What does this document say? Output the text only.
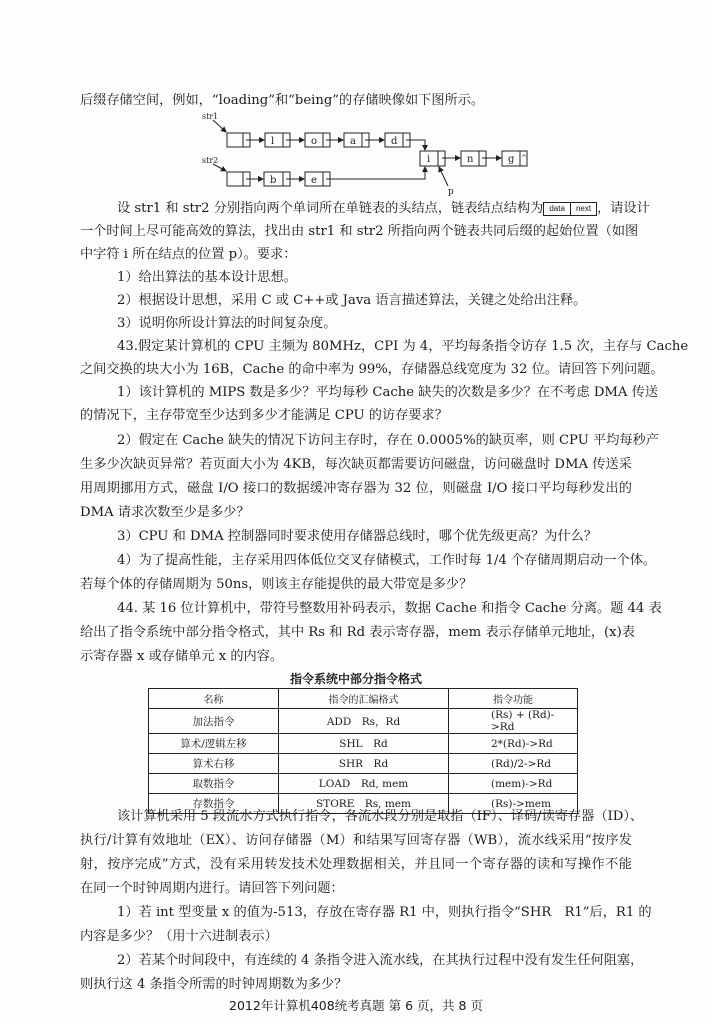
后缀存储空间，例如，“loading”和“being”的存储映像如下图所示。
str1
str2
p
l	o	a	d
b	e
i	n	g ^
设 str1 和 str2 分别指向两个单词所在单链表的头结点，链表结点结构为 data	next ，请设计
一个时间上尽可能高效的算法，找出由 str1 和 str2 所指向两个链表共同后缀的起始位置（如图
中字符 i 所在结点的位置 p）。要求：
1）给出算法的基本设计思想。
2）根据设计思想，采用 C 或 C++或 Java 语言描述算法，关键之处给出注释。
3）说明你所设计算法的时间复杂度。
43.假定某计算机的 CPU 主频为 80MHz，CPI 为 4，平均每条指令访存 1.5 次，主存与 Cache
之间交换的块大小为 16B，Cache 的命中率为 99%，存储器总线宽度为 32 位。请回答下列问题。
1）该计算机的 MIPS 数是多少？平均每秒 Cache 缺失的次数是多少？在不考虑 DMA 传送
的情况下，主存带宽至少达到多少才能满足 CPU 的访存要求？
2）假定在 Cache 缺失的情况下访问主存时，存在 0.0005%的缺页率，则 CPU 平均每秒产
生多少次缺页异常？若页面大小为 4KB，每次缺页都需要访问磁盘，访问磁盘时 DMA 传送采
用周期挪用方式，磁盘 I/O 接口的数据缓冲寄存器为 32 位，则磁盘 I/O 接口平均每秒发出的
DMA 请求次数至少是多少？
3）CPU 和 DMA 控制器同时要求使用存储器总线时，哪个优先级更高？为什么？
4）为了提高性能，主存采用四体低位交叉存储模式，工作时每 1/4 个存储周期启动一个体。
若每个体的存储周期为 50ns，则该主存能提供的最大带宽是多少？
44. 某 16 位计算机中，带符号整数用补码表示，数据 Cache 和指令 Cache 分离。题 44 表
给出了指令系统中部分指令格式，其中 Rs 和 Rd 表示寄存器，mem 表示存储单元地址，(x)表
示寄存器 x 或存储单元 x 的内容。
指令系统中部分指令格式
名称	指令的汇编格式	指令功能
加法指令	ADD　Rs，Rd	(Rs) + (Rd)->Rd
算术/逻辑左移	SHL　Rd	2*(Rd)->Rd
算术右移	SHR　Rd	(Rd)/2->Rd
取数指令	LOAD　Rd, mem	(mem)->Rd
存数指令	STORE　Rs, mem	(Rs)->mem
该计算机采用 5 段流水方式执行指令，各流水段分别是取指（IF）、译码/读寄存器（ID）、
执行/计算有效地址（EX）、访问存储器（M）和结果写回寄存器（WB），流水线采用“按序发
射，按序完成”方式，没有采用转发技术处理数据相关，并且同一个寄存器的读和写操作不能
在同一个时钟周期内进行。请回答下列问题：
1）若 int 型变量 x 的值为-513，存放在寄存器 R1 中，则执行指令“SHR　R1”后，R1 的
内容是多少？（用十六进制表示）
2）若某个时间段中，有连续的 4 条指令进入流水线，在其执行过程中没有发生任何阻塞，
则执行这 4 条指令所需的时钟周期数为多少？
2012年计算机408统考真题 第 6 页，共 8 页
